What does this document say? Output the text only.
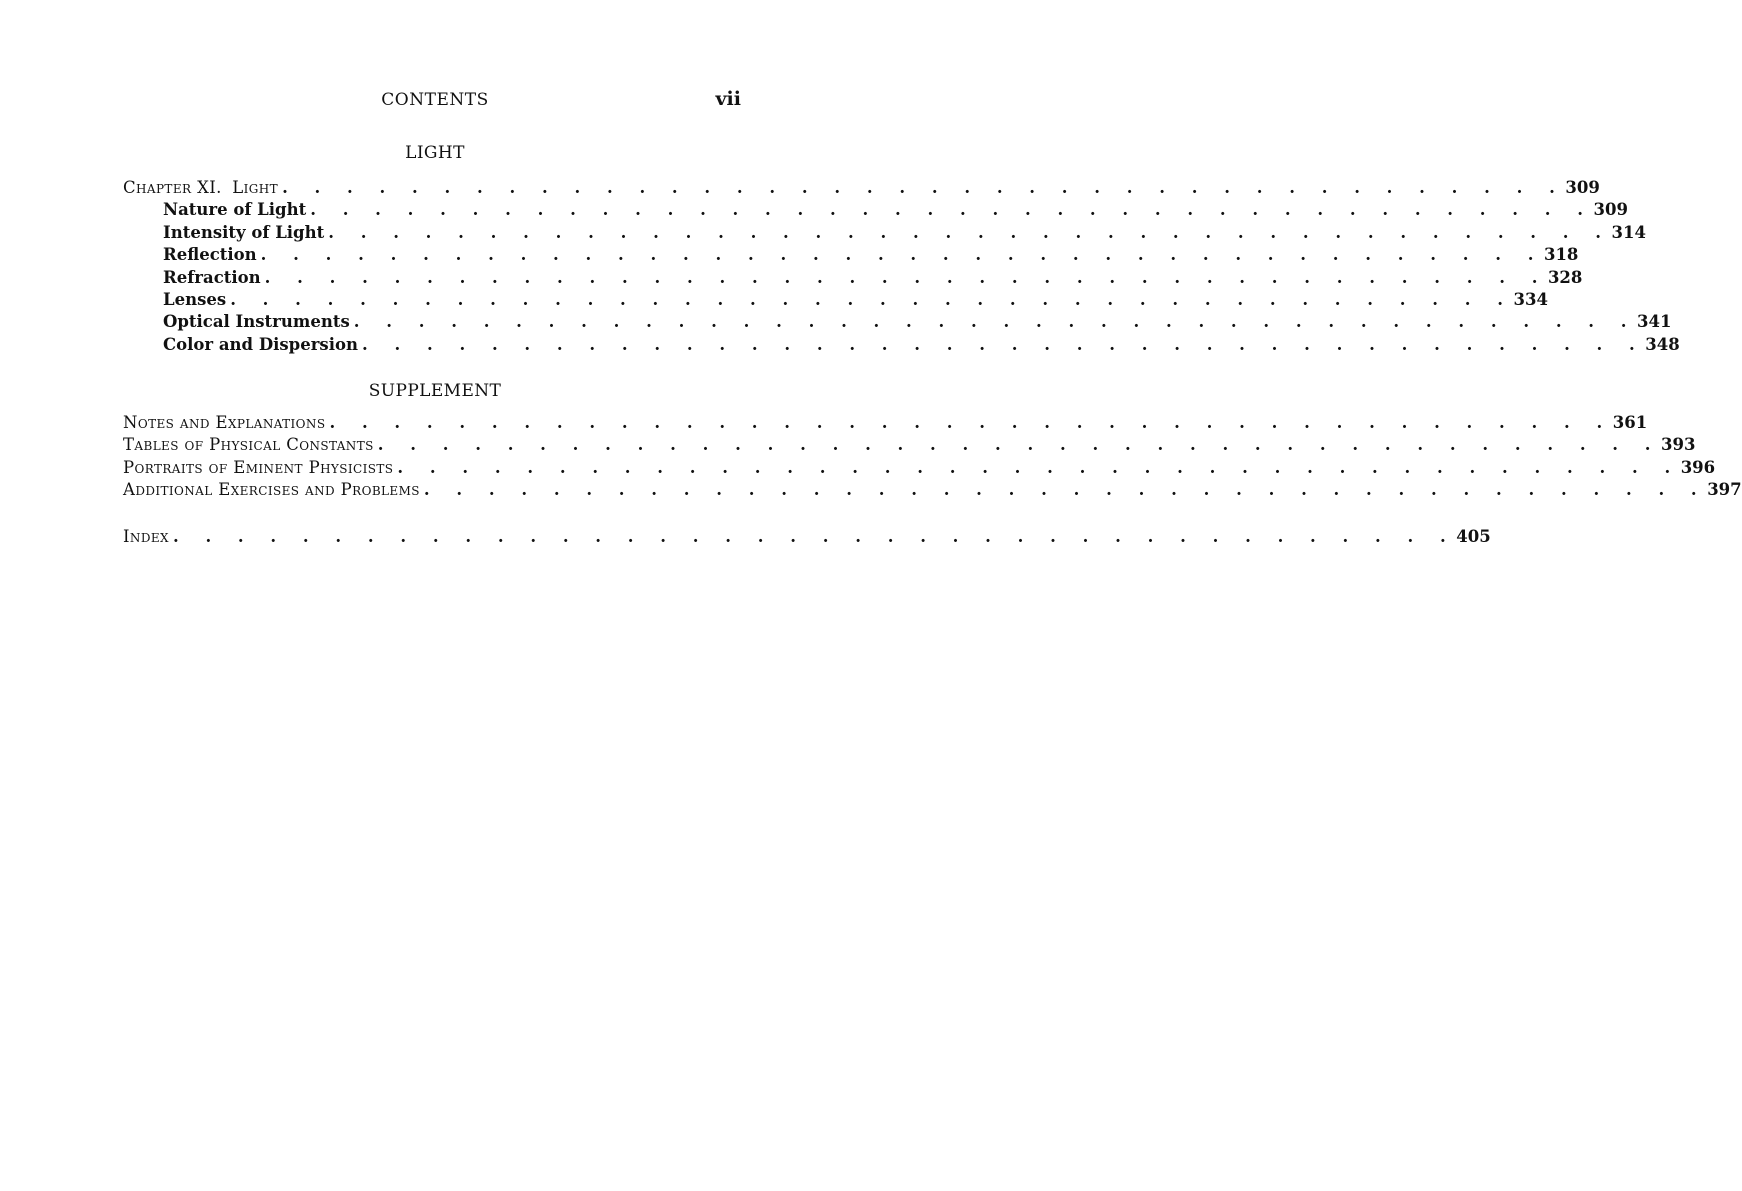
CONTENTS	vii
LIGHT
Chapter XI. Light . . . . . . . . . . . . . . . . . . . . . . . . . . . . . . . . . . . . . . . . 309
Nature of Light . . . . . . . . . . . . . . . . . . . . . . . . . . . . . . . . . . . . . . . . 309
Intensity of Light . . . . . . . . . . . . . . . . . . . . . . . . . . . . . . . . . . . . . . . . 314
Reflection . . . . . . . . . . . . . . . . . . . . . . . . . . . . . . . . . . . . . . . . 318
Refraction . . . . . . . . . . . . . . . . . . . . . . . . . . . . . . . . . . . . . . . . 328
Lenses . . . . . . . . . . . . . . . . . . . . . . . . . . . . . . . . . . . . . . . . 334
Optical Instruments . . . . . . . . . . . . . . . . . . . . . . . . . . . . . . . . . . . . . . . . 341
Color and Dispersion . . . . . . . . . . . . . . . . . . . . . . . . . . . . . . . . . . . . . . . . 348
SUPPLEMENT
Notes and Explanations . . . . . . . . . . . . . . . . . . . . . . . . . . . . . . . . . . . . . . . . 361
Tables of Physical Constants . . . . . . . . . . . . . . . . . . . . . . . . . . . . . . . . . . . . . . . . 393
Portraits of Eminent Physicists . . . . . . . . . . . . . . . . . . . . . . . . . . . . . . . . . . . . . . . . 396
Additional Exercises and Problems . . . . . . . . . . . . . . . . . . . . . . . . . . . . . . . . . . . . . . . . 397
Index . . . . . . . . . . . . . . . . . . . . . . . . . . . . . . . . . . . . . . . . 405
